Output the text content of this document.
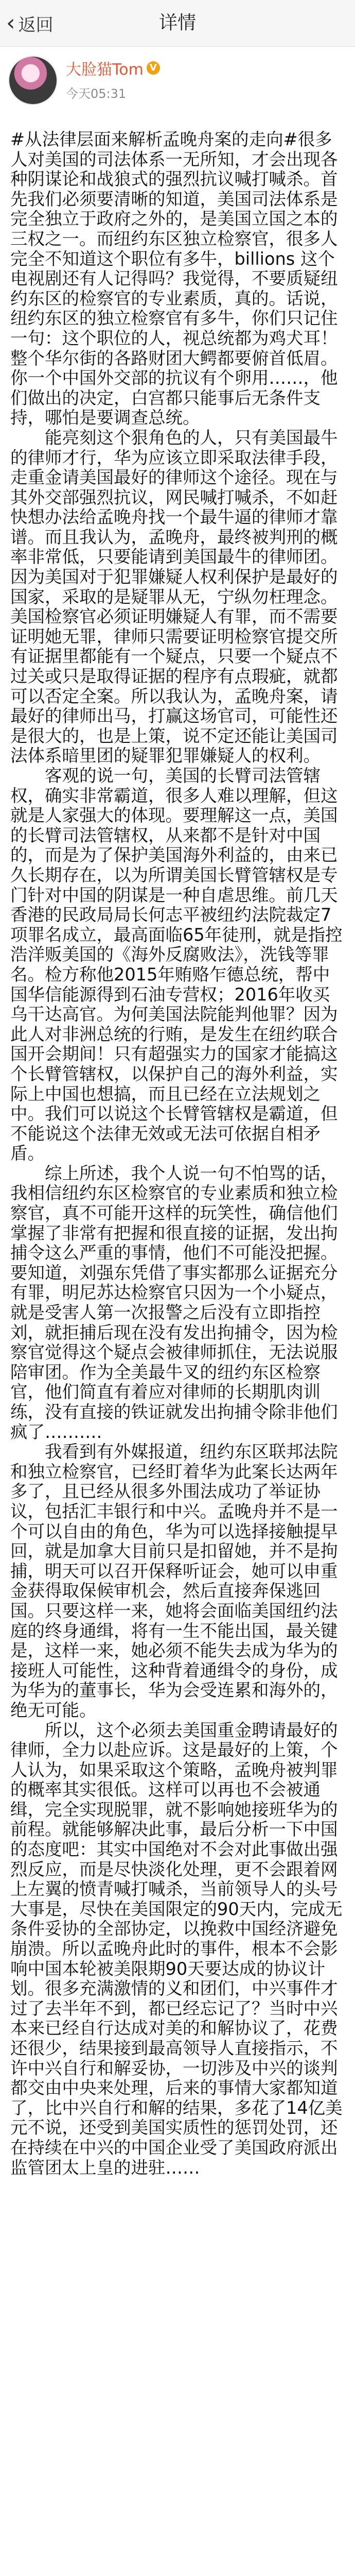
‹ 返回	详情
大脸猫Tom V
今天05:31

#从法律层面来解析孟晚舟案的走向#很多人对美国的司法体系一无所知，才会出现各种阴谋论和战狼式的强烈抗议喊打喊杀。首先我们必须要清晰的知道，美国司法体系是完全独立于政府之外的，是美国立国之本的三权之一。而纽约东区独立检察官，很多人完全不知道这个职位有多牛，billions 这个电视剧还有人记得吗？我觉得，不要质疑纽约东区的检察官的专业素质，真的。话说，纽约东区的独立检察官有多牛，你们只记住一句：这个职位的人，视总统都为鸡犬耳！整个华尔街的各路财团大鳄都要俯首低眉。你一个中国外交部的抗议有个卵用……，他们做出的决定，白宫都只能事后无条件支持，哪怕是要调查总统。

能亮刻这个狠角色的人，只有美国最牛的律师才行，华为应该立即采取法律手段，走重金请美国最好的律师这个途径。现在与其外交部强烈抗议，网民喊打喊杀，不如赶快想办法给孟晚舟找一个最牛逼的律师才靠谱。而且我认为，孟晚舟，最终被判刑的概率非常低，只要能请到美国最牛的律师团。因为美国对于犯罪嫌疑人权利保护是最好的国家，采取的是疑罪从无，宁纵勿枉理念。美国检察官必须证明嫌疑人有罪，而不需要证明她无罪，律师只需要证明检察官提交所有证据里都能有一个疑点，只要一个疑点不过关或只是取得证据的程序有点瑕疵，就都可以否定全案。所以我认为，孟晚舟案，请最好的律师出马，打赢这场官司，可能性还是很大的，也是上策，说不定还能让美国司法体系暗里团的疑罪犯罪嫌疑人的权利。

客观的说一句，美国的长臂司法管辖权，确实非常霸道，很多人难以理解，但这就是人家强大的体现。要理解这一点，美国的长臂司法管辖权，从来都不是针对中国的，而是为了保护美国海外利益的，由来已久长期存在，以为所谓美国长臂管辖权是专门针对中国的阴谋是一种自虐思维。前几天香港的民政局局长何志平被纽约法院裁定7项罪名成立，最高面临65年徒刑，就是指控浩洋贩美国的《海外反腐败法》，洗钱等罪名。检方称他2015年贿赂乍德总统，帮中国华信能源得到石油专营权；2016年收买乌干达高官。为何美国法院能判他罪？因为此人对非洲总统的行贿，是发生在纽约联合国开会期间！只有超强实力的国家才能搞这个长臂管辖权，以保护自己的海外利益，实际上中国也想搞，而且已经在立法规划之中。我们可以说这个长臂管辖权是霸道，但不能说这个法律无效或无法可依据自相矛盾。

综上所述，我个人说一句不怕骂的话，我相信纽约东区检察官的专业素质和独立检察官，真不可能开这样的玩笑性，确信他们掌握了非常有把握和很直接的证据，发出拘捕令这么严重的事情，他们不可能没把握。要知道，刘强东凭借了事实都那么证据充分有罪，明尼苏达检察官只因为一个小疑点，就是受害人第一次报警之后没有立即指控刘，就拒捕后现在没有发出拘捕令，因为检察官觉得这个疑点会被律师抓住，无法说服陪审团。作为全美最牛叉的纽约东区检察官，他们简直有着应对律师的长期肌肉训练，没有直接的铁证就发出拘捕令除非他们疯了……….

我看到有外媒报道，纽约东区联邦法院和独立检察官，已经盯着华为此案长达两年多了，且已经从很多外围法成功了举证协议，包括汇丰银行和中兴。孟晚舟并不是一个可以自由的角色，华为可以选择接触提早回，就是加拿大目前只是扣留她，并不是拘捕，明天可以召开保释听证会，她可以申重金获得取保候审机会，然后直接奔保逃回国。只要这样一来，她将会面临美国纽约法庭的终身通缉，将有一生不能出国，最关键是，这样一来，她必须不能失去成为华为的接班人可能性，这种背着通缉令的身份，成为华为的董事长，华为会受连累和海外的，绝无可能。

所以，这个必须去美国重金聘请最好的律师，全力以赴应诉。这是最好的上策，个人认为，如果采取这个策略，孟晚舟被判罪的概率其实很低。这样可以再也不会被通缉，完全实现脱罪，就不影响她接班华为的前程。就能够解决此事，最后分析一下中国的态度吧：其实中国绝对不会对此事做出强烈反应，而是尽快淡化处理，更不会跟着网上左翼的愤青喊打喊杀，当前领导人的头号大事是，尽快在美国限定的90天内，完成无条件妥协的全部协定，以挽救中国经济避免崩溃。所以孟晚舟此时的事件，根本不会影响中国本轮被美限期90天要达成的协议计划。很多充满激情的义和团们，中兴事件才过了去半年不到，都已经忘记了？当时中兴本来已经自行达成对美的和解协议了，花费还很少，结果接到最高领导人直接指示，不许中兴自行和解妥协，一切涉及中兴的谈判都交由中央来处理，后来的事情大家都知道了，比中兴自行和解的结果，多花了14亿美元不说，还受到美国实质性的惩罚处罚，还在持续在中兴的中国企业受了美国政府派出监管团太上皇的进驻……
